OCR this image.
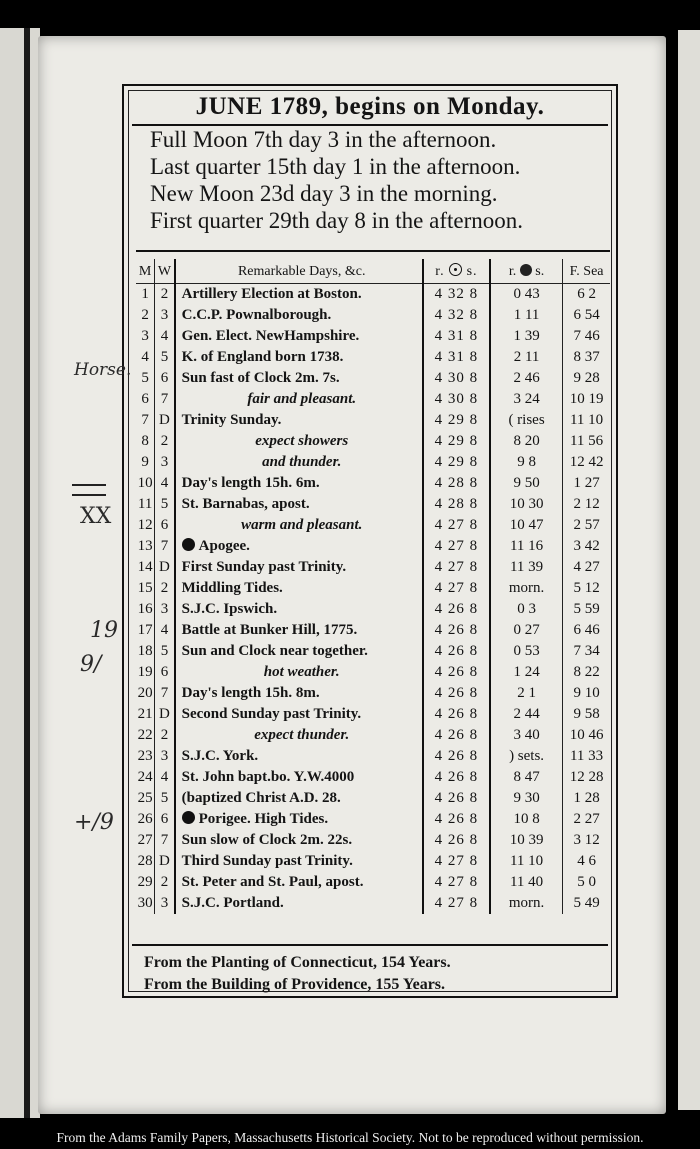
JUNE 1789, begins on Monday.
Full Moon 7th day 3 in the afternoon.
Last quarter 15th day 1 in the afternoon.
New Moon 23d day 3 in the morning.
First quarter 29th day 8 in the afternoon.
M	W	Remarkable Days, &c.	r. s.	r. s.	F. Sea
1	2	Artillery Election at Boston.	4 32 8	0 43	6 2
2	3	C.C.P. Pownalborough.	4 32 8	1 11	6 54
3	4	Gen. Elect. NewHampshire.	4 31 8	1 39	7 46
4	5	K. of England born 1738.	4 31 8	2 11	8 37
5	6	Sun fast of Clock 2m. 7s.	4 30 8	2 46	9 28
6	7	fair and pleasant.	4 30 8	3 24	10 19
7	D	Trinity Sunday.	4 29 8	( rises	11 10
8	2	expect showers	4 29 8	8 20	11 56
9	3	and thunder.	4 29 8	9 8	12 42
10	4	Day's length 15h. 6m.	4 28 8	9 50	1 27
11	5	St. Barnabas, apost.	4 28 8	10 30	2 12
12	6	warm and pleasant.	4 27 8	10 47	2 57
13	7	Apogee.	4 27 8	11 16	3 42
14	D	First Sunday past Trinity.	4 27 8	11 39	4 27
15	2	Middling Tides.	4 27 8	morn.	5 12
16	3	S.J.C. Ipswich.	4 26 8	0 3	5 59
17	4	Battle at Bunker Hill, 1775.	4 26 8	0 27	6 46
18	5	Sun and Clock near together.	4 26 8	0 53	7 34
19	6	hot weather.	4 26 8	1 24	8 22
20	7	Day's length 15h. 8m.	4 26 8	2 1	9 10
21	D	Second Sunday past Trinity.	4 26 8	2 44	9 58
22	2	expect thunder.	4 26 8	3 40	10 46
23	3	S.J.C. York.	4 26 8	) sets.	11 33
24	4	St. John bapt.bo. Y.W.4000	4 26 8	8 47	12 28
25	5	(baptized Christ A.D. 28.	4 26 8	9 30	1 28
26	6	Porigee. High Tides.	4 26 8	10 8	2 27
27	7	Sun slow of Clock 2m. 22s.	4 26 8	10 39	3 12
28	D	Third Sunday past Trinity.	4 27 8	11 10	4 6
29	2	St. Peter and St. Paul, apost.	4 27 8	11 40	5 0
30	3	S.J.C. Portland.	4 27 8	morn.	5 49
From the Planting of Connecticut, 154 Years.
From the Building of Providence, 155 Years.
Horse.
XX
19
9/
+/9
From the Adams Family Papers, Massachusetts Historical Society. Not to be reproduced without permission.
